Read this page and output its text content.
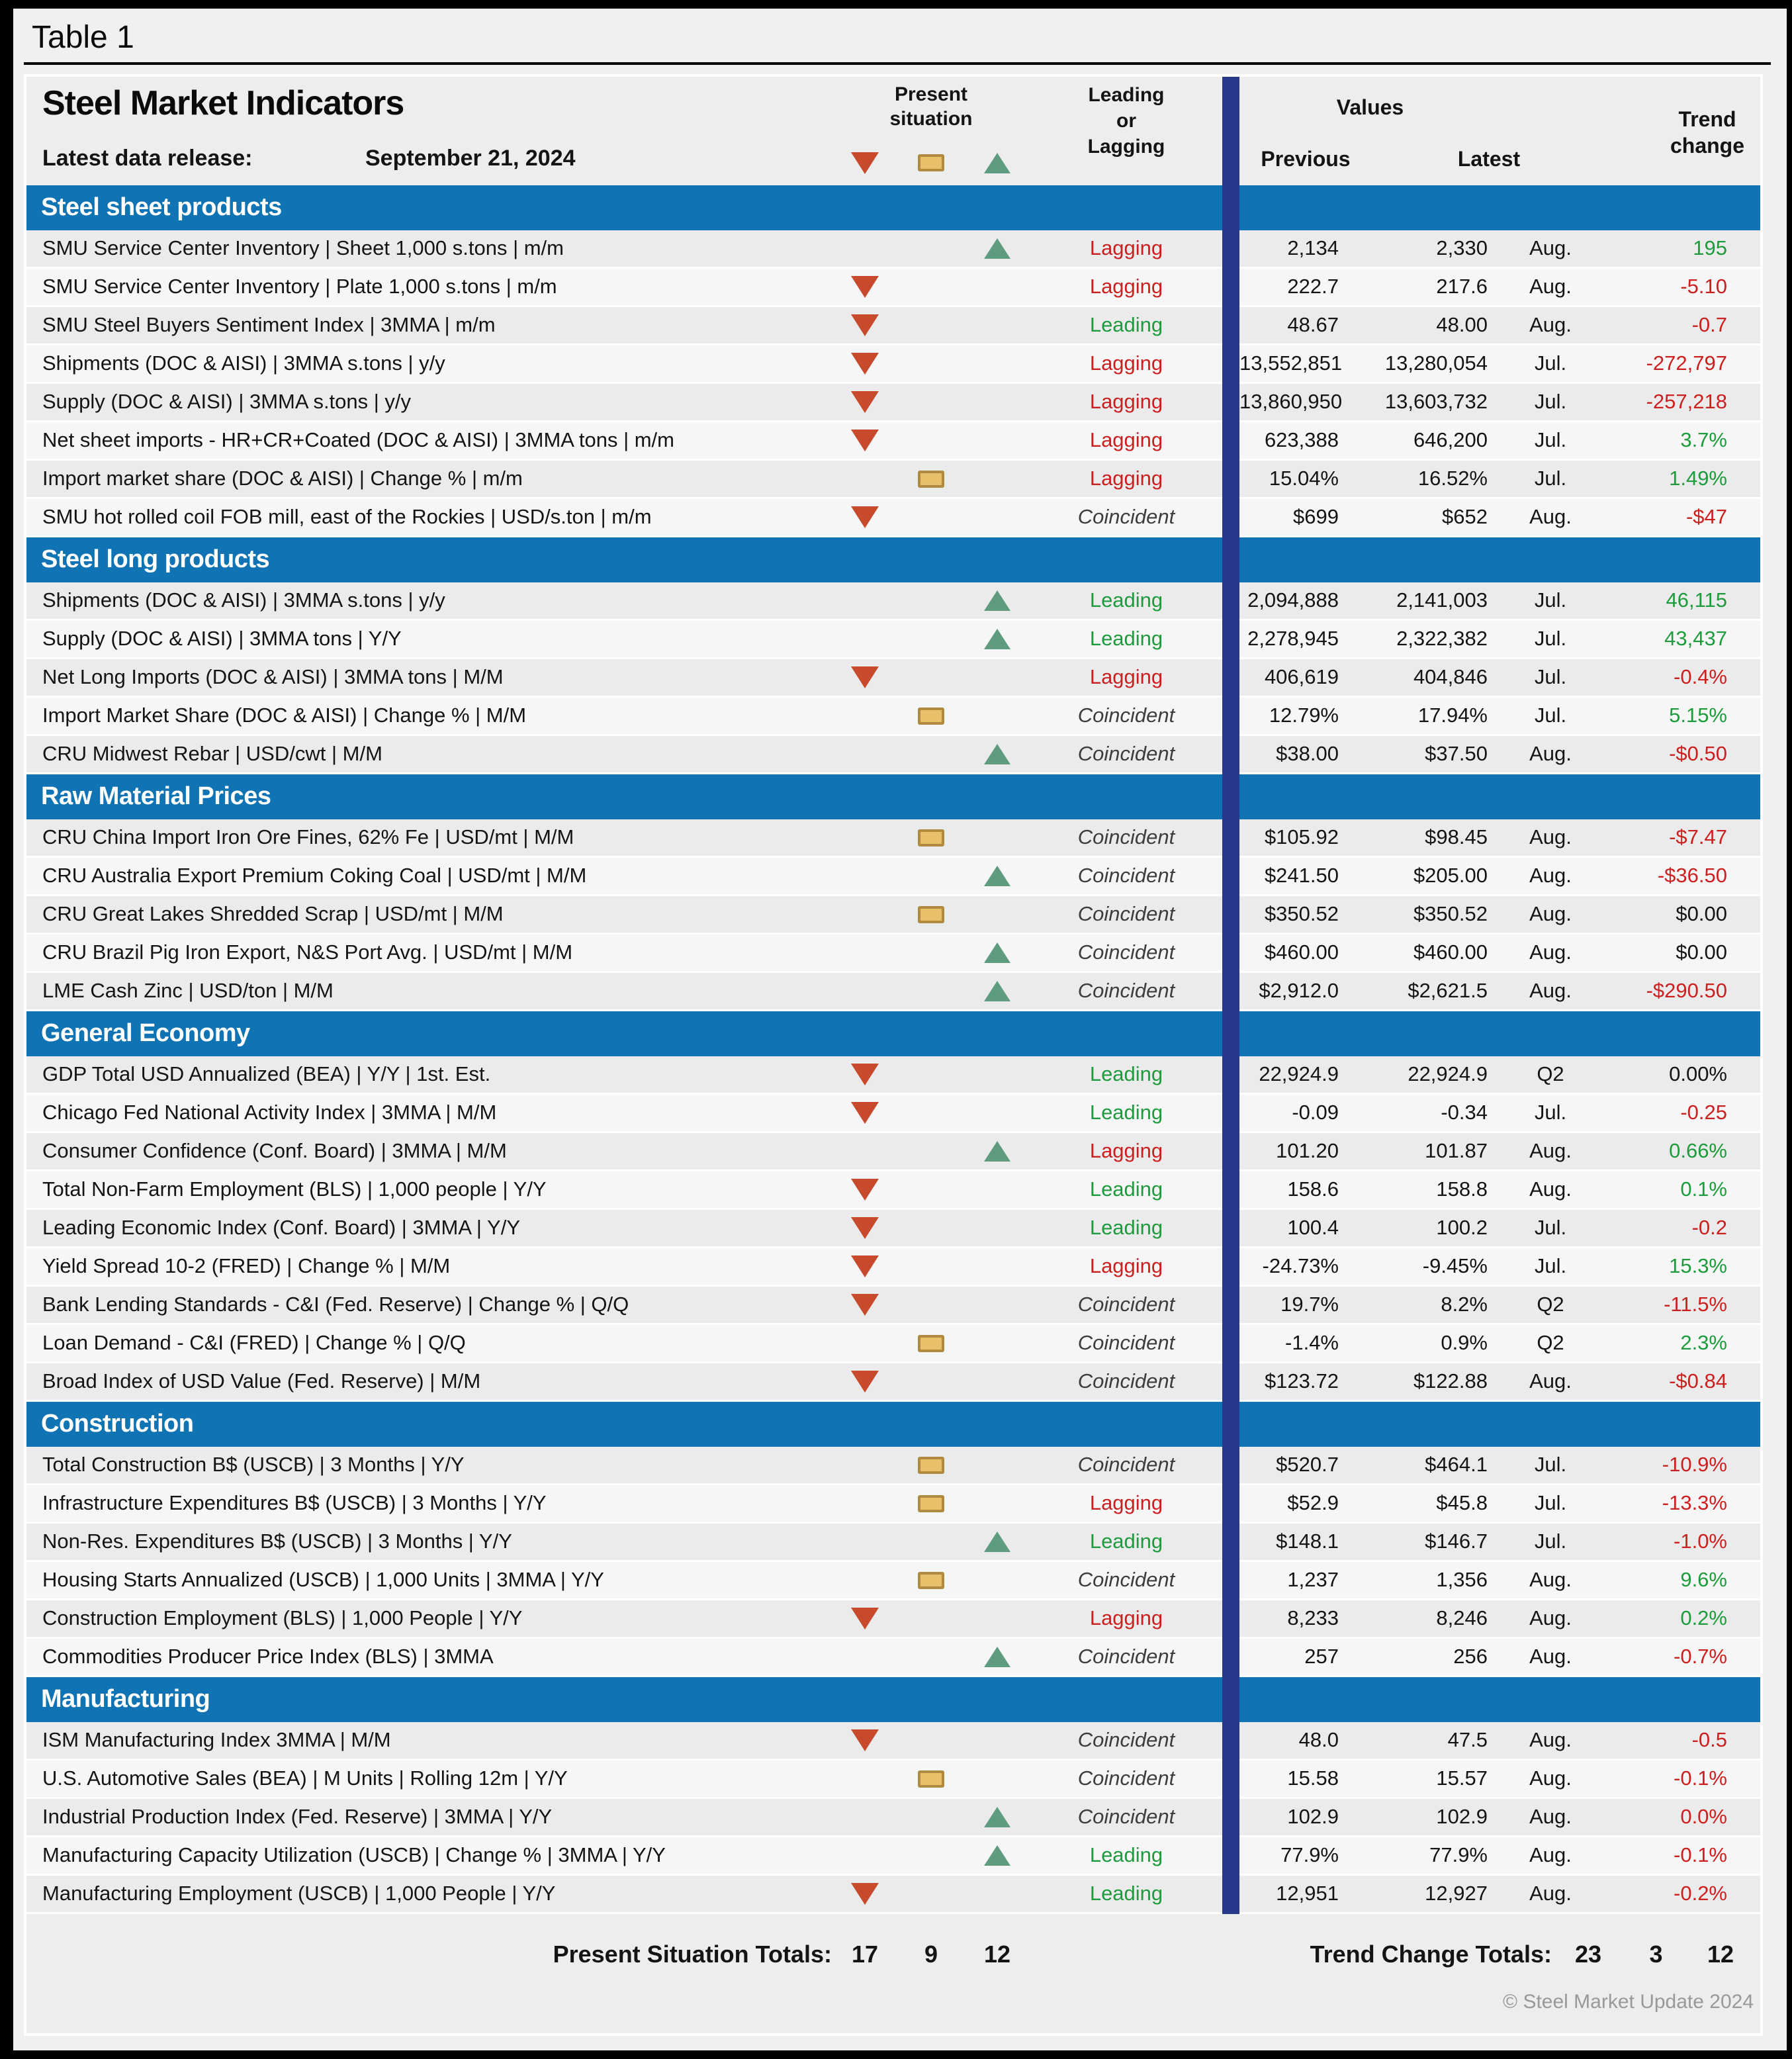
Table 1
Steel Market Indicators
Latest data release:	September 21, 2024
Present
situation
Leading
or
Lagging
Values
Previous	Latest
Trend
change
Steel sheet products
SMU Service Center Inventory | Sheet 1,000 s.tons | m/m	Lagging	2,134	2,330	Aug.	195
SMU Service Center Inventory | Plate 1,000 s.tons | m/m	Lagging	222.7	217.6	Aug.	-5.10
SMU Steel Buyers Sentiment Index | 3MMA | m/m	Leading	48.67	48.00	Aug.	-0.7
Shipments (DOC & AISI) | 3MMA s.tons | y/y	Lagging	13,552,851	13,280,054	Jul.	-272,797
Supply (DOC & AISI) | 3MMA s.tons | y/y	Lagging	13,860,950	13,603,732	Jul.	-257,218
Net sheet imports - HR+CR+Coated (DOC & AISI) | 3MMA tons | m/m	Lagging	623,388	646,200	Jul.	3.7%
Import market share (DOC & AISI) | Change % | m/m	Lagging	15.04%	16.52%	Jul.	1.49%
SMU hot rolled coil FOB mill, east of the Rockies | USD/s.ton | m/m	Coincident	$699	$652	Aug.	-$47
Steel long products
Shipments (DOC & AISI) | 3MMA s.tons | y/y	Leading	2,094,888	2,141,003	Jul.	46,115
Supply (DOC & AISI) | 3MMA tons | Y/Y	Leading	2,278,945	2,322,382	Jul.	43,437
Net Long Imports (DOC & AISI) | 3MMA tons | M/M	Lagging	406,619	404,846	Jul.	-0.4%
Import Market Share (DOC & AISI) | Change % | M/M	Coincident	12.79%	17.94%	Jul.	5.15%
CRU Midwest Rebar | USD/cwt | M/M	Coincident	$38.00	$37.50	Aug.	-$0.50
Raw Material Prices
CRU China Import Iron Ore Fines, 62% Fe | USD/mt | M/M	Coincident	$105.92	$98.45	Aug.	-$7.47
CRU Australia Export Premium Coking Coal | USD/mt | M/M	Coincident	$241.50	$205.00	Aug.	-$36.50
CRU Great Lakes Shredded Scrap | USD/mt | M/M	Coincident	$350.52	$350.52	Aug.	$0.00
CRU Brazil Pig Iron Export, N&S Port Avg. | USD/mt | M/M	Coincident	$460.00	$460.00	Aug.	$0.00
LME Cash Zinc | USD/ton | M/M	Coincident	$2,912.0	$2,621.5	Aug.	-$290.50
General Economy
GDP Total USD Annualized (BEA) | Y/Y | 1st. Est.	Leading	22,924.9	22,924.9	Q2	0.00%
Chicago Fed National Activity Index | 3MMA | M/M	Leading	-0.09	-0.34	Jul.	-0.25
Consumer Confidence (Conf. Board) | 3MMA | M/M	Lagging	101.20	101.87	Aug.	0.66%
Total Non-Farm Employment (BLS) | 1,000 people | Y/Y	Leading	158.6	158.8	Aug.	0.1%
Leading Economic Index (Conf. Board) | 3MMA | Y/Y	Leading	100.4	100.2	Jul.	-0.2
Yield Spread 10-2 (FRED) | Change % | M/M	Lagging	-24.73%	-9.45%	Jul.	15.3%
Bank Lending Standards - C&I (Fed. Reserve) | Change % | Q/Q	Coincident	19.7%	8.2%	Q2	-11.5%
Loan Demand - C&I (FRED) | Change % | Q/Q	Coincident	-1.4%	0.9%	Q2	2.3%
Broad Index of USD Value (Fed. Reserve) | M/M	Coincident	$123.72	$122.88	Aug.	-$0.84
Construction
Total Construction B$ (USCB) | 3 Months | Y/Y	Coincident	$520.7	$464.1	Jul.	-10.9%
Infrastructure Expenditures B$ (USCB) | 3 Months | Y/Y	Lagging	$52.9	$45.8	Jul.	-13.3%
Non-Res. Expenditures B$ (USCB) | 3 Months | Y/Y	Leading	$148.1	$146.7	Jul.	-1.0%
Housing Starts Annualized (USCB) | 1,000 Units | 3MMA | Y/Y	Coincident	1,237	1,356	Aug.	9.6%
Construction Employment (BLS) | 1,000 People | Y/Y	Lagging	8,233	8,246	Aug.	0.2%
Commodities Producer Price Index (BLS) | 3MMA	Coincident	257	256	Aug.	-0.7%
Manufacturing
ISM Manufacturing Index 3MMA | M/M	Coincident	48.0	47.5	Aug.	-0.5
U.S. Automotive Sales (BEA) | M Units | Rolling 12m | Y/Y	Coincident	15.58	15.57	Aug.	-0.1%
Industrial Production Index (Fed. Reserve) | 3MMA | Y/Y	Coincident	102.9	102.9	Aug.	0.0%
Manufacturing Capacity Utilization (USCB) | Change % | 3MMA | Y/Y	Leading	77.9%	77.9%	Aug.	-0.1%
Manufacturing Employment (USCB) | 1,000 People | Y/Y	Leading	12,951	12,927	Aug.	-0.2%
Present Situation Totals: 17	9	12	Trend Change Totals: 23	3	12
© Steel Market Update 2024
